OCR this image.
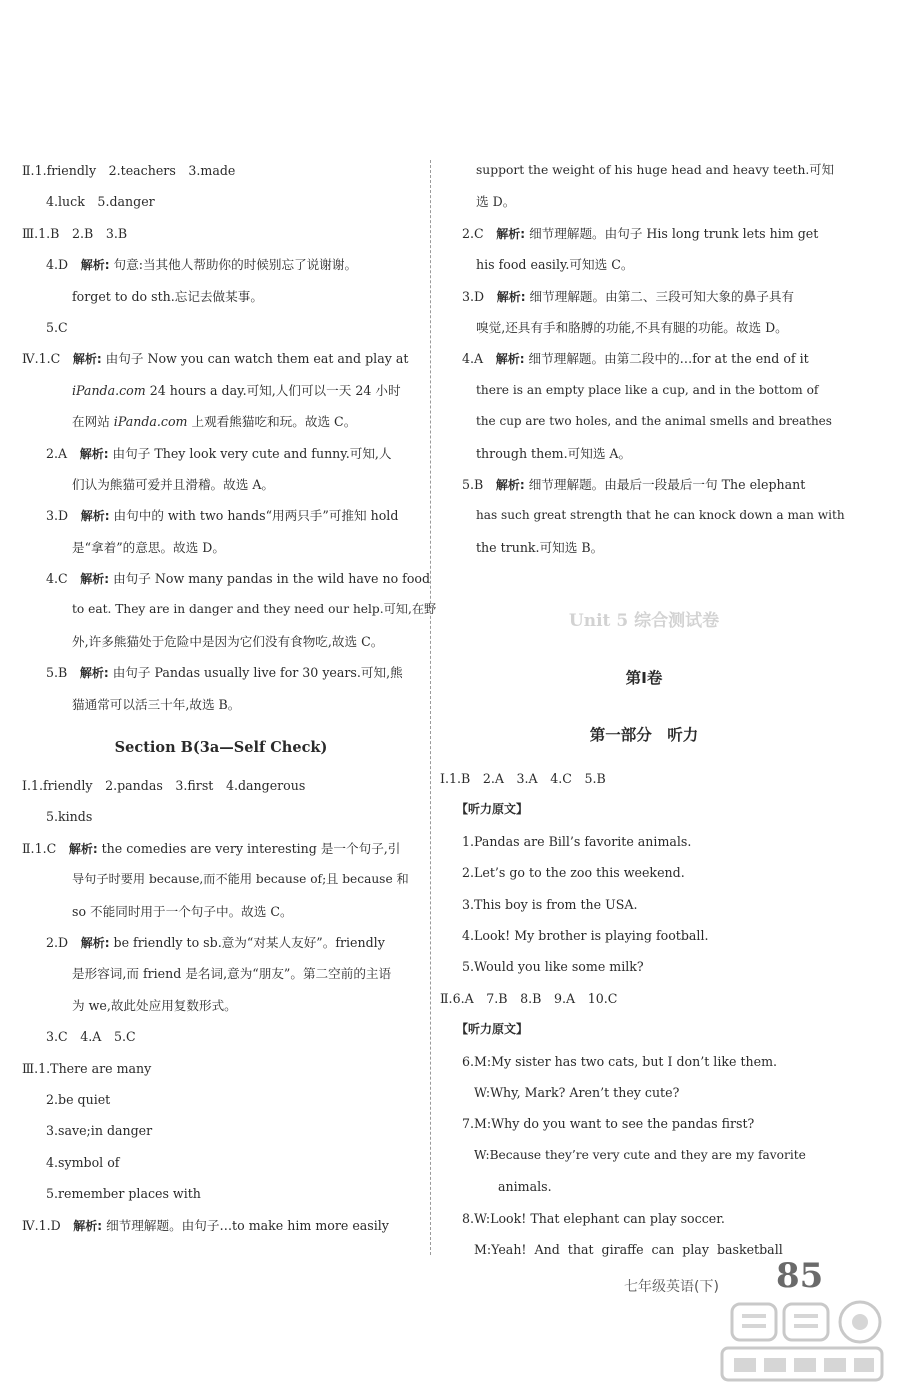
Ⅱ.1.friendly　2.teachers　3.made
4.luck　5.danger
Ⅲ.1.B　2.B　3.B
4.D　 解析: 句意:当其他人帮助你的时候别忘了说谢谢。
forget to do sth.忘记去做某事。
5.C
Ⅳ.1.C　 解析: 由句子 Now you can watch them eat and play at
iPanda.com 24 hours a day.可知,人们可以一天 24 小时
在网站 iPanda.com 上观看熊猫吃和玩。故选 C。
2.A　 解析: 由句子 They look very cute and funny.可知,人
们认为熊猫可爱并且滑稽。故选 A。
3.D　 解析: 由句中的 with two hands“用两只手”可推知 hold
是“拿着”的意思。故选 D。
4.C　 解析: 由句子 Now many pandas in the wild have no food
to eat. They are in danger and they need our help.可知,在野
外,许多熊猫处于危险中是因为它们没有食物吃,故选 C。
5.B　 解析: 由句子 Pandas usually live for 30 years.可知,熊
猫通常可以活三十年,故选 B。
Section B(3a—Self Check)
Ⅰ.1.friendly　2.pandas　3.first　4.dangerous
5.kinds
Ⅱ.1.C　 解析: the comedies are very interesting 是一个句子,引
导句子时要用 because,而不能用 because of;且 because 和
so 不能同时用于一个句子中。故选 C。
2.D　 解析: be friendly to sb.意为“对某人友好”。friendly
是形容词,而 friend 是名词,意为“朋友”。第二空前的主语
为 we,故此处应用复数形式。
3.C　4.A　5.C
Ⅲ.1.There are many
2.be quiet
3.save;in danger
4.symbol of
5.remember places with
Ⅳ.1.D　 解析: 细节理解题。由句子…to make him more easily
support the weight of his huge head and heavy teeth.可知
选 D。
2.C　 解析: 细节理解题。由句子 His long trunk lets him get
his food easily.可知选 C。
3.D　 解析: 细节理解题。由第二、三段可知大象的鼻子具有
嗅觉,还具有手和胳膊的功能,不具有腿的功能。故选 D。
4.A　 解析: 细节理解题。由第二段中的…for at the end of it
there is an empty place like a cup, and in the bottom of
the cup are two holes, and the animal smells and breathes
through them.可知选 A。
5.B　 解析: 细节理解题。由最后一段最后一句 The elephant
has such great strength that he can knock down a man with
the trunk.可知选 B。
Unit 5 综合测试卷
第Ⅰ卷
第一部分　听力
Ⅰ.1.B　2.A　3.A　4.C　5.B
【听力原文】
1.Pandas are Bill’s favorite animals.
2.Let’s go to the zoo this weekend.
3.This boy is from the USA.
4.Look! My brother is playing football.
5.Would you like some milk?
Ⅱ.6.A　7.B　8.B　9.A　10.C
【听力原文】
6.M:My sister has two cats, but I don’t like them.
W:Why, Mark? Aren’t they cute?
7.M:Why do you want to see the pandas first?
W:Because they’re very cute and they are my favorite
animals.
8.W:Look! That elephant can play soccer.
M:Yeah!  And  that  giraffe  can  play  basketball
七年级英语(下) 85
